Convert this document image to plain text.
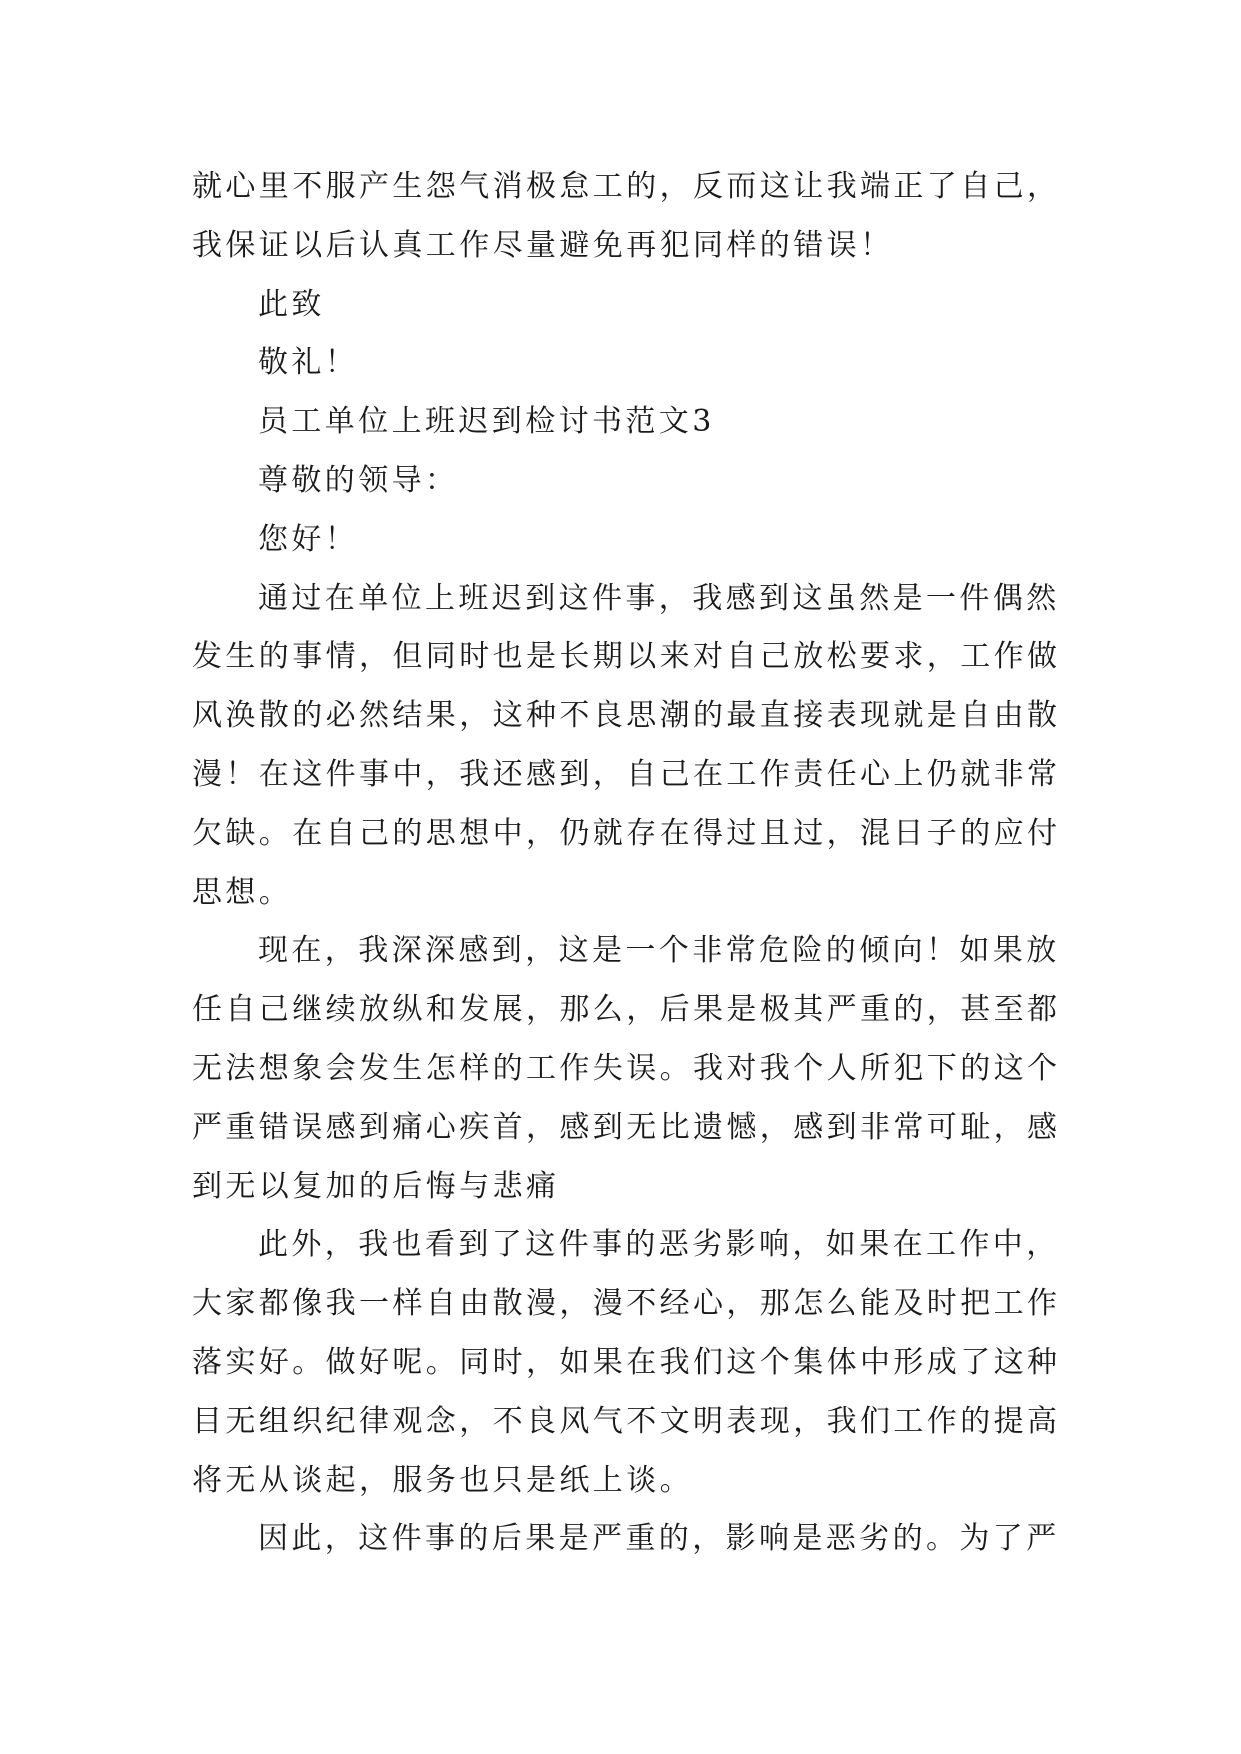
就心里不服产生怨气消极怠工的，反而这让我端正了自己，
我保证以后认真工作尽量避免再犯同样的错误！
此致
敬礼！
员工单位上班迟到检讨书范文3
尊敬的领导：
您好！
通过在单位上班迟到这件事，我感到这虽然是一件偶然
发生的事情，但同时也是长期以来对自己放松要求，工作做
风涣散的必然结果，这种不良思潮的最直接表现就是自由散
漫！在这件事中，我还感到，自己在工作责任心上仍就非常
欠缺。在自己的思想中，仍就存在得过且过，混日子的应付
思想。
现在，我深深感到，这是一个非常危险的倾向！如果放
任自己继续放纵和发展，那么，后果是极其严重的，甚至都
无法想象会发生怎样的工作失误。我对我个人所犯下的这个
严重错误感到痛心疾首，感到无比遗憾，感到非常可耻，感
到无以复加的后悔与悲痛
此外，我也看到了这件事的恶劣影响，如果在工作中，
大家都像我一样自由散漫，漫不经心，那怎么能及时把工作
落实好。做好呢。同时，如果在我们这个集体中形成了这种
目无组织纪律观念，不良风气不文明表现，我们工作的提高
将无从谈起，服务也只是纸上谈。
因此，这件事的后果是严重的，影响是恶劣的。为了严
